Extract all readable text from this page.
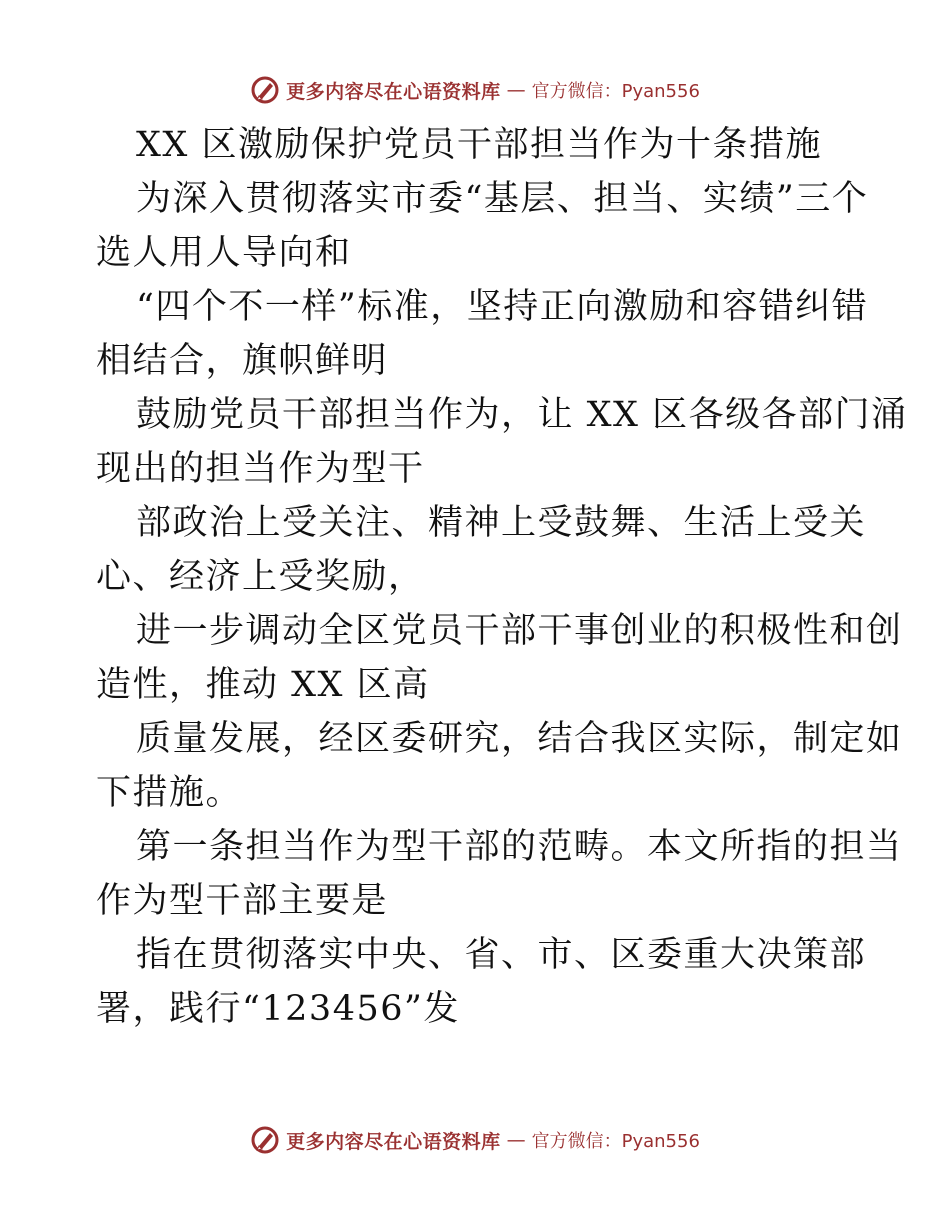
更多内容尽在心语资料库 — 官方微信：Pyan556
XX 区激励保护党员干部担当作为十条措施
为深入贯彻落实市委“基层、担当、实绩”三个
选人用人导向和
“四个不一样”标准，坚持正向激励和容错纠错
相结合，旗帜鲜明
鼓励党员干部担当作为，让 XX 区各级各部门涌
现出的担当作为型干
部政治上受关注、精神上受鼓舞、生活上受关
心、经济上受奖励，
进一步调动全区党员干部干事创业的积极性和创
造性，推动 XX 区高
质量发展，经区委研究，结合我区实际，制定如
下措施。
第一条担当作为型干部的范畴。本文所指的担当
作为型干部主要是
指在贯彻落实中央、省、市、区委重大决策部
署，践行“123456”发
更多内容尽在心语资料库 — 官方微信：Pyan556
